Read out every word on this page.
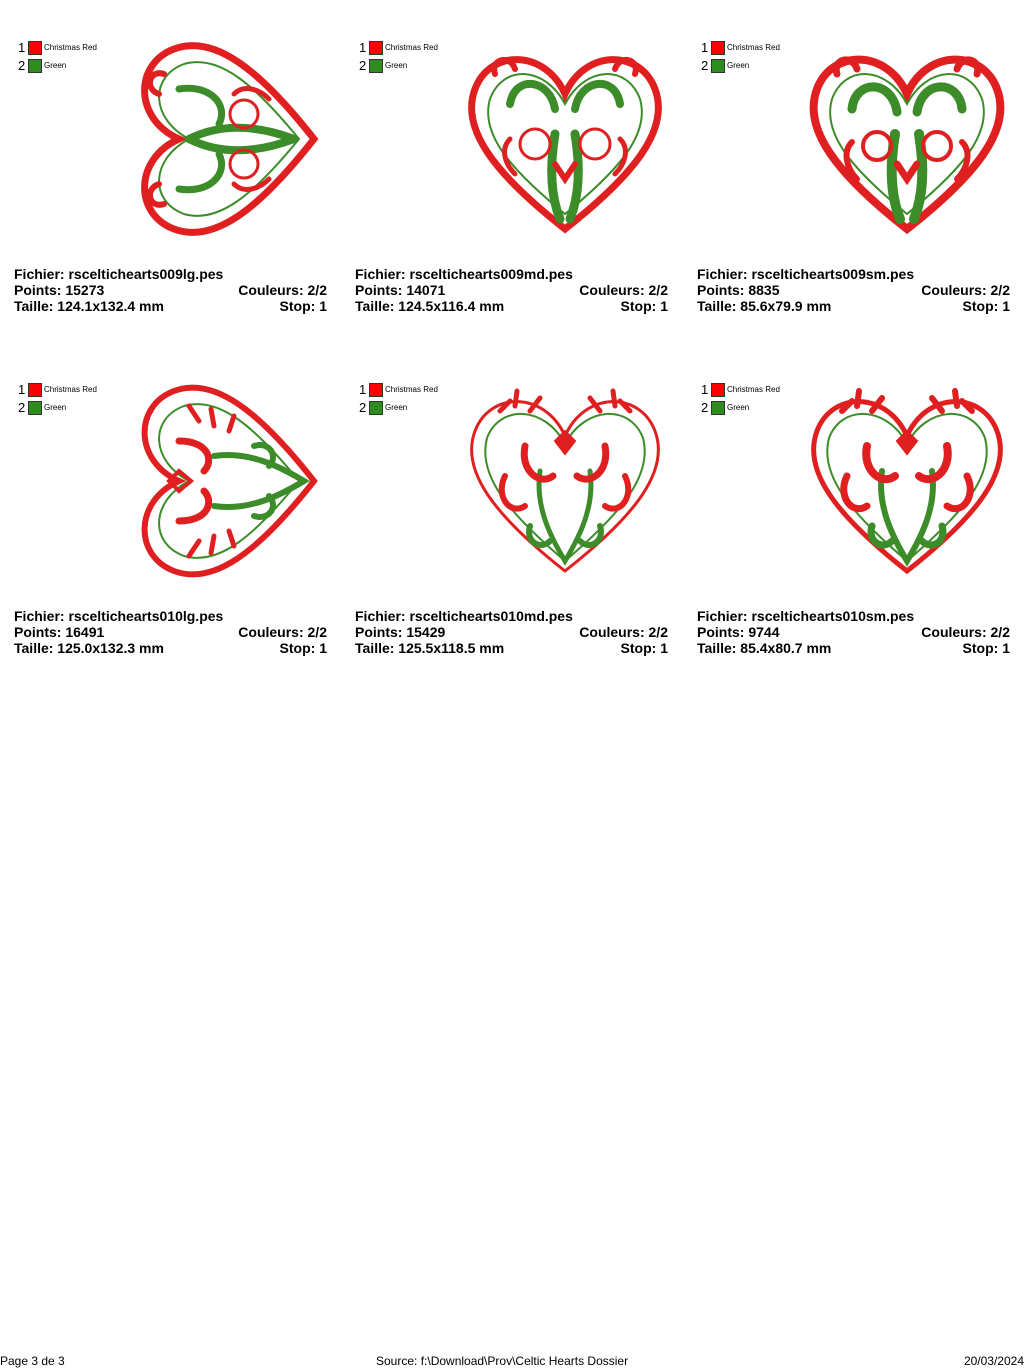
1 Christmas Red
2 Green
Fichier: rsceltichearts009lg.pes
Points: 15273	Couleurs: 2/2
Taille: 124.1x132.4 mm	Stop: 1
1 Christmas Red
2 Green
Fichier: rsceltichearts009md.pes
Points: 14071	Couleurs: 2/2
Taille: 124.5x116.4 mm	Stop: 1
1 Christmas Red
2 Green
Fichier: rsceltichearts009sm.pes
Points: 8835	Couleurs: 2/2
Taille: 85.6x79.9 mm	Stop: 1
1 Christmas Red
2 Green
Fichier: rsceltichearts010lg.pes
Points: 16491	Couleurs: 2/2
Taille: 125.0x132.3 mm	Stop: 1
1 Christmas Red
2 Green
Fichier: rsceltichearts010md.pes
Points: 15429	Couleurs: 2/2
Taille: 125.5x118.5 mm	Stop: 1
1 Christmas Red
2 Green
Fichier: rsceltichearts010sm.pes
Points: 9744	Couleurs: 2/2
Taille: 85.4x80.7 mm	Stop: 1
Page 3 de 3	Source: f:\Download\Prov\Celtic Hearts Dossier	20/03/2024
